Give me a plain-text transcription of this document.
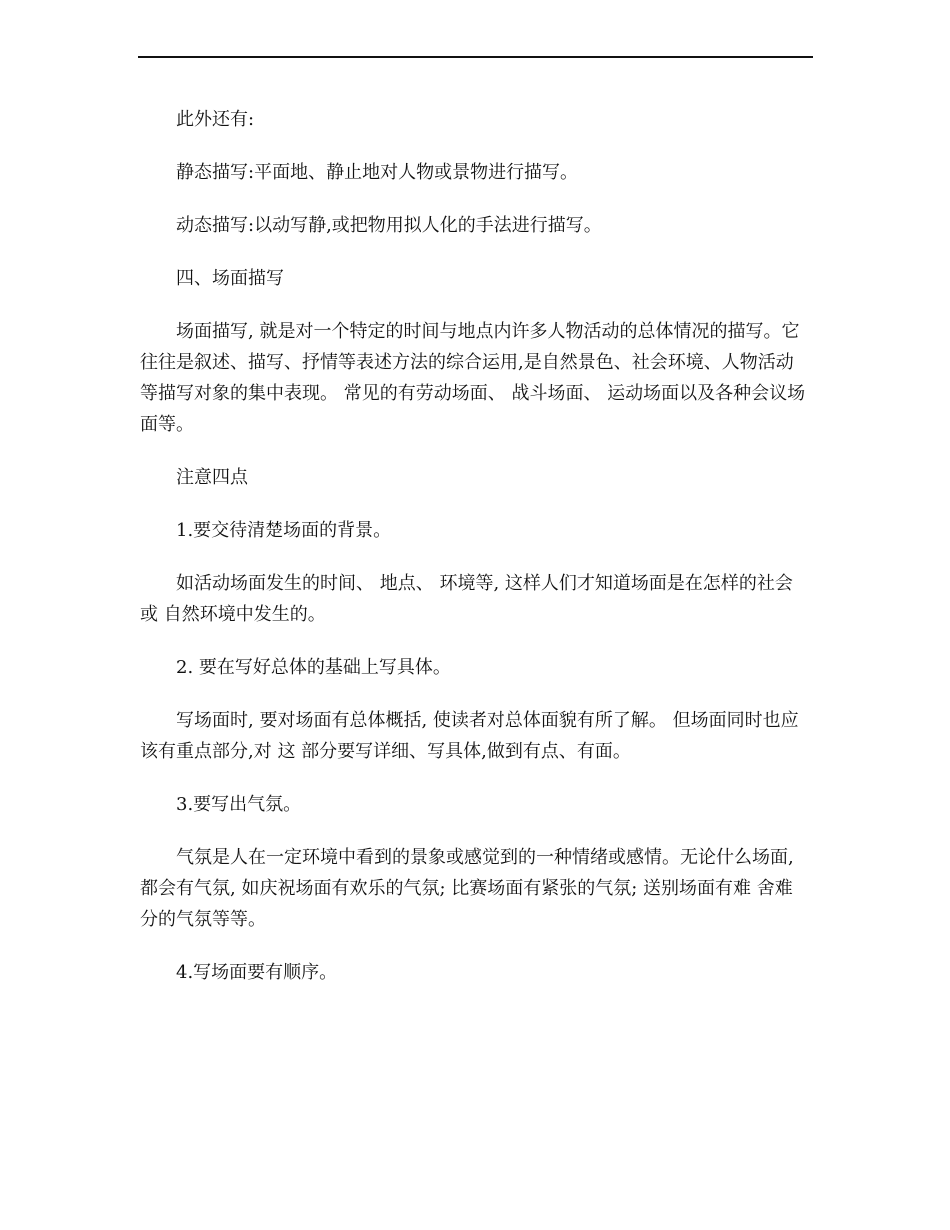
此外还有:

静态描写:平面地、静止地对人物或景物进行描写。

动态描写:以动写静,或把物用拟人化的手法进行描写。

四、场面描写

场面描写, 就是对一个特定的时间与地点内许多人物活动的总体情况的描写。它 往往是叙述、描写、抒情等表述方法的综合运用,是自然景色、社会环境、人物活动等描写对象的集中表现。 常见的有劳动场面、 战斗场面、 运动场面以及各种会议场面等。

注意四点

1.要交待清楚场面的背景。

如活动场面发生的时间、 地点、 环境等, 这样人们才知道场面是在怎样的社会或 自然环境中发生的。

2. 要在写好总体的基础上写具体。

写场面时, 要对场面有总体概括, 使读者对总体面貌有所了解。 但场面同时也应 该有重点部分,对 这 部分要写详细、写具体,做到有点、有面。

3.要写出气氛。

气氛是人在一定环境中看到的景象或感觉到的一种情绪或感情。无论什么场面,都会有气氛, 如庆祝场面有欢乐的气氛; 比赛场面有紧张的气氛; 送别场面有难 舍难分的气氛等等。

4.写场面要有顺序。
